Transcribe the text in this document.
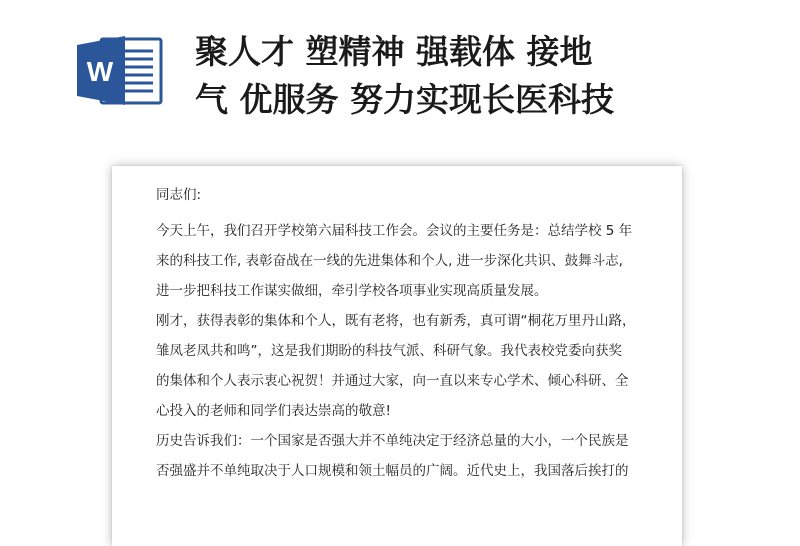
W
聚人才 塑精神 强载体 接地
气 优服务 努力实现长医科技
同志们:
今天上午，我们召开学校第六届科技工作会。会议的主要任务是：总结学校 5 年
来的科技工作, 表彰奋战在一线的先进集体和个人, 进一步深化共识、鼓舞斗志,
进一步把科技工作谋实做细，牵引学校各项事业实现高质量发展。
刚才，获得表彰的集体和个人，既有老将，也有新秀，真可谓“桐花万里丹山路，
雏凤老凤共和鸣”，这是我们期盼的科技气派、科研气象。我代表校党委向获奖
的集体和个人表示衷心祝贺！并通过大家，向一直以来专心学术、倾心科研、全
心投入的老师和同学们表达崇高的敬意!
历史告诉我们：一个国家是否强大并不单纯决定于经济总量的大小，一个民族是
否强盛并不单纯取决于人口规模和领土幅员的广阔。近代史上，我国落后挨打的
